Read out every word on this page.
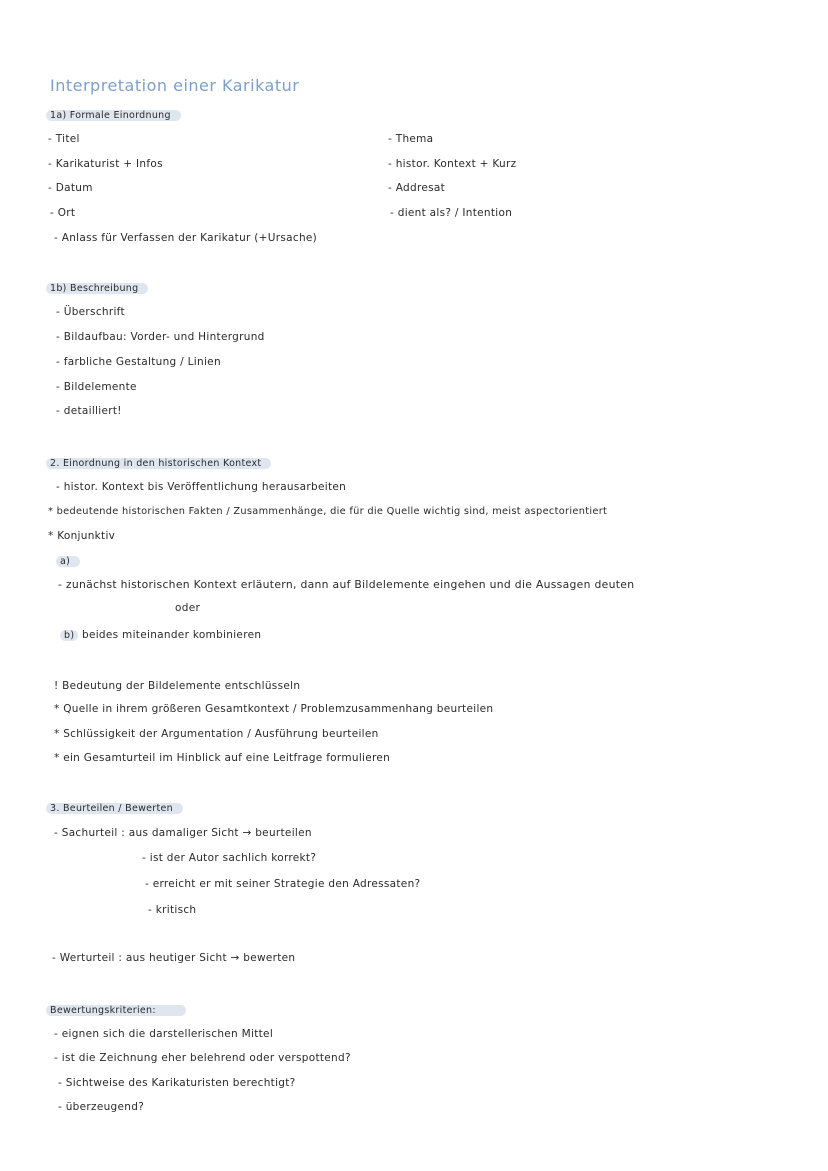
Interpretation einer Karikatur
1a) Formale Einordnung
- Titel
- Karikaturist + Infos
- Datum
- Ort
- Anlass für Verfassen der Karikatur (+Ursache)
- Thema
- histor. Kontext + Kurz
- Addresat
- dient als? / Intention
1b) Beschreibung
- Überschrift
- Bildaufbau: Vorder- und Hintergrund
- farbliche Gestaltung / Linien
- Bildelemente
- detailliert!
2. Einordnung in den historischen Kontext
- histor. Kontext bis Veröffentlichung herausarbeiten
* bedeutende historischen Fakten / Zusammenhänge, die für die Quelle wichtig sind, meist aspectorientiert
* Konjunktiv
a)
- zunächst historischen Kontext erläutern, dann auf Bildelemente eingehen und die Aussagen deuten
oder
b) beides miteinander kombinieren
! Bedeutung der Bildelemente entschlüsseln
* Quelle in ihrem größeren Gesamtkontext / Problemzusammenhang beurteilen
* Schlüssigkeit der Argumentation / Ausführung beurteilen
* ein Gesamturteil im Hinblick auf eine Leitfrage formulieren
3. Beurteilen / Bewerten
- Sachurteil : aus damaliger Sicht → beurteilen
- ist der Autor sachlich korrekt?
- erreicht er mit seiner Strategie den Adressaten?
- kritisch
- Werturteil : aus heutiger Sicht → bewerten
Bewertungskriterien:
- eignen sich die darstellerischen Mittel
- ist die Zeichnung eher belehrend oder verspottend?
- Sichtweise des Karikaturisten berechtigt?
- überzeugend?
